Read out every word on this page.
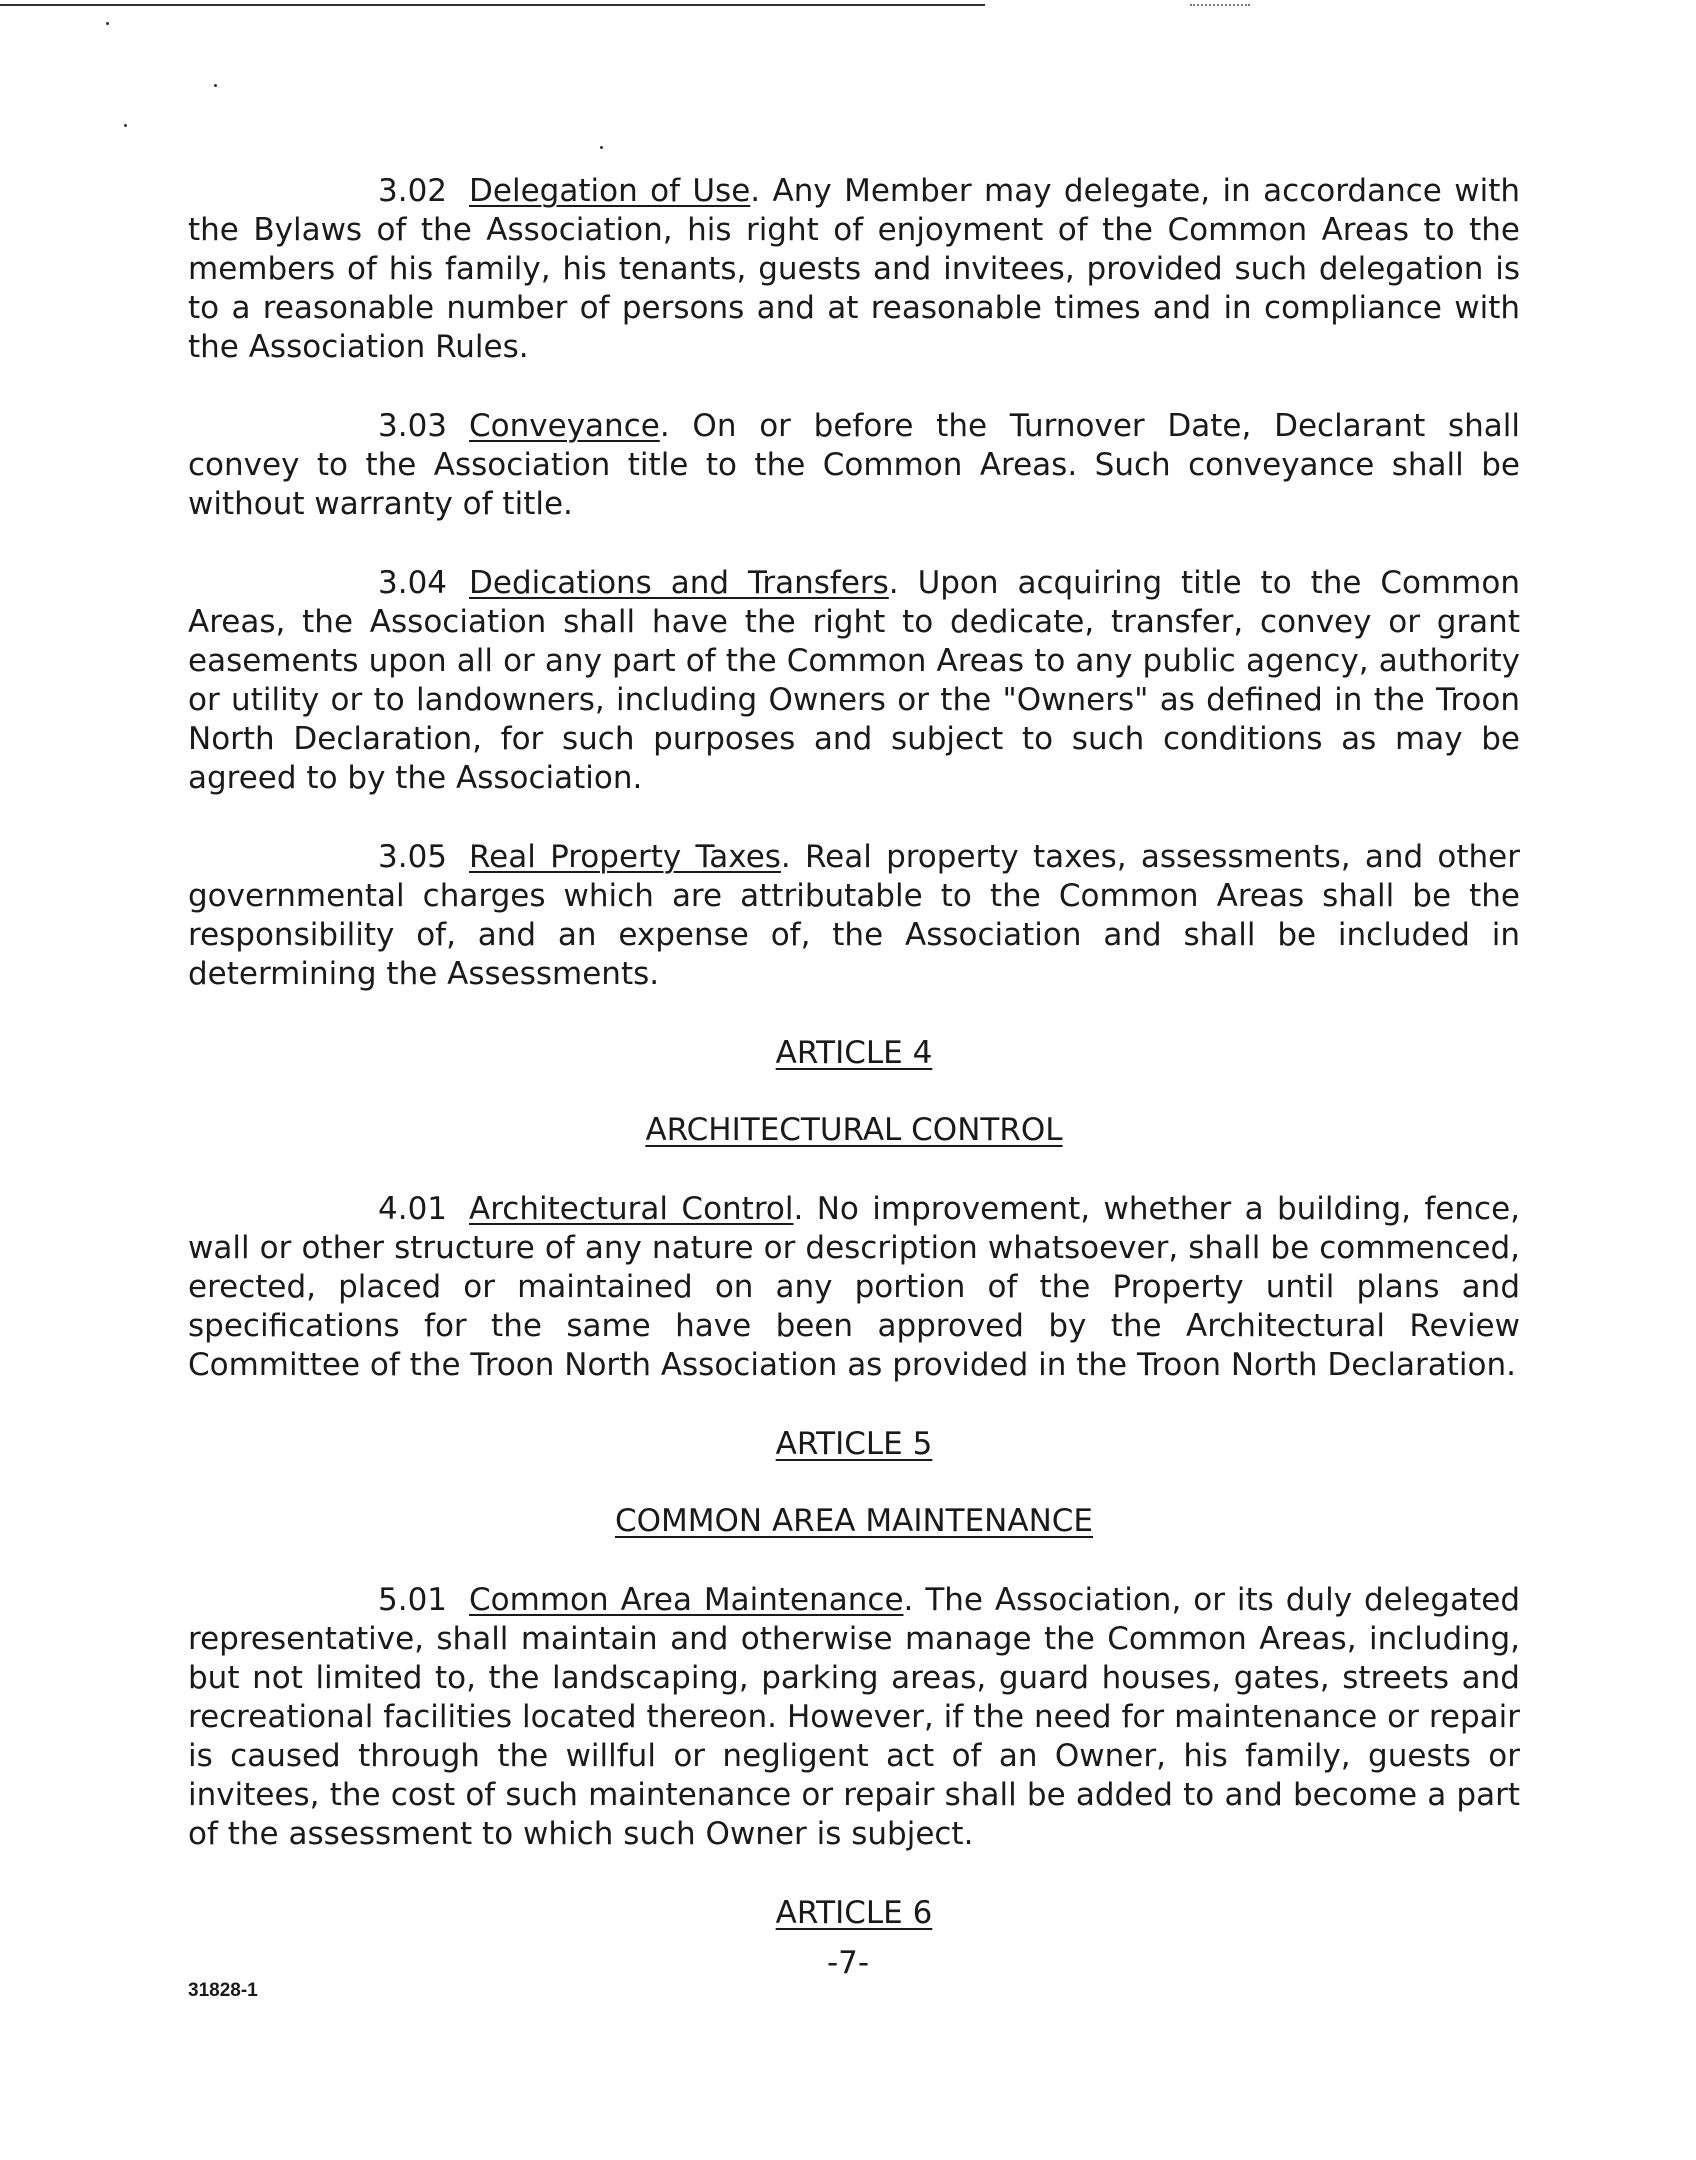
3.02 Delegation of Use. Any Member may delegate, in accordance with the Bylaws of the Association, his right of enjoyment of the Common Areas to the members of his family, his tenants, guests and invitees, provided such delegation is to a reasonable number of persons and at reasonable times and in compliance with the Association Rules.

3.03 Conveyance. On or before the Turnover Date, Declarant shall convey to the Association title to the Common Areas. Such conveyance shall be without warranty of title.

3.04 Dedications and Transfers. Upon acquiring title to the Common Areas, the Association shall have the right to dedicate, transfer, convey or grant easements upon all or any part of the Common Areas to any public agency, authority or utility or to landowners, including Owners or the "Owners" as defined in the Troon North Declaration, for such purposes and subject to such conditions as may be agreed to by the Association.

3.05 Real Property Taxes. Real property taxes, assessments, and other governmental charges which are attributable to the Common Areas shall be the responsibility of, and an expense of, the Association and shall be included in determining the Assessments.

ARTICLE 4

ARCHITECTURAL CONTROL

4.01 Architectural Control. No improvement, whether a building, fence, wall or other structure of any nature or description whatsoever, shall be commenced, erected, placed or maintained on any portion of the Property until plans and specifications for the same have been approved by the Architectural Review Committee of the Troon North Association as provided in the Troon North Declaration.

ARTICLE 5

COMMON AREA MAINTENANCE

5.01 Common Area Maintenance. The Association, or its duly delegated representative, shall maintain and otherwise manage the Common Areas, including, but not limited to, the landscaping, parking areas, guard houses, gates, streets and recreational facilities located thereon. However, if the need for maintenance or repair is caused through the willful or negligent act of an Owner, his family, guests or invitees, the cost of such maintenance or repair shall be added to and become a part of the assessment to which such Owner is subject.

ARTICLE 6

-7-
31828-1
